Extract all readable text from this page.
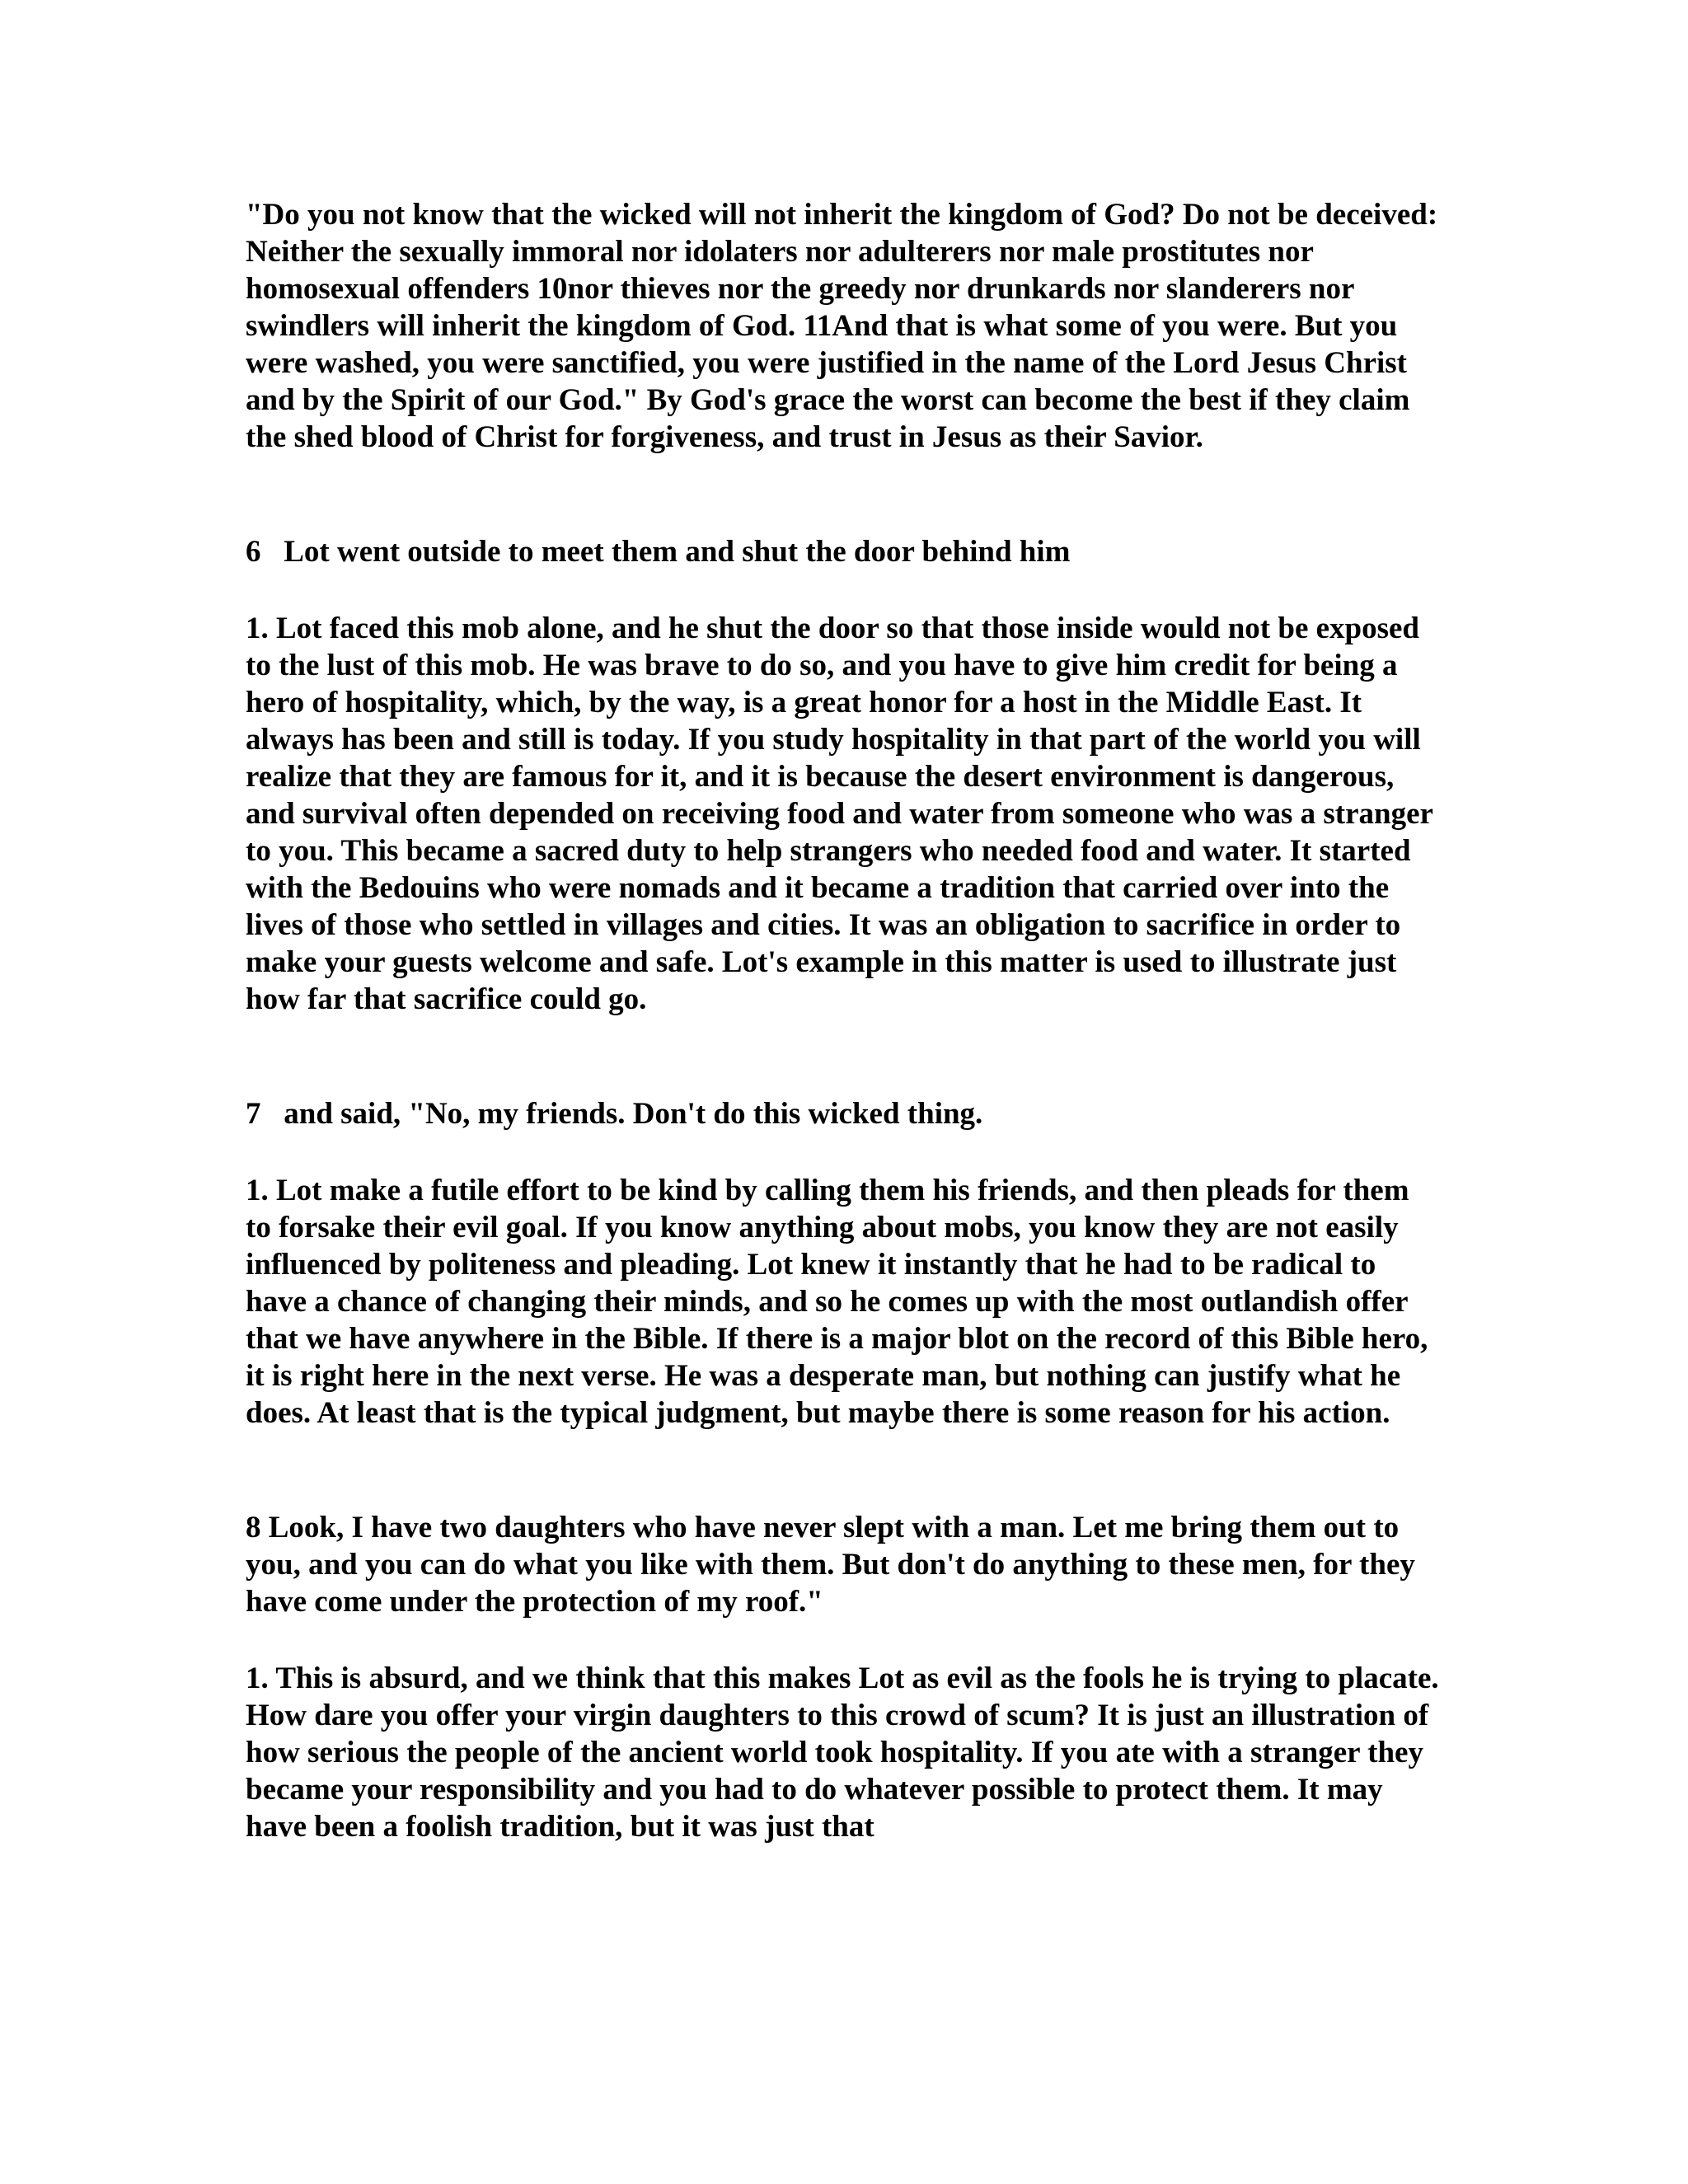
"Do you not know that the wicked will not inherit the kingdom of God? Do not be deceived: Neither the sexually immoral nor idolaters nor adulterers nor male prostitutes nor homosexual offenders 10nor thieves nor the greedy nor drunkards nor slanderers nor swindlers will inherit the kingdom of God. 11And that is what some of you were. But you were washed, you were sanctified, you were justified in the name of the Lord Jesus Christ and by the Spirit of our God." By God's grace the worst can become the best if they claim the shed blood of Christ for forgiveness, and trust in Jesus as their Savior.

6   Lot went outside to meet them and shut the door behind him

1. Lot faced this mob alone, and he shut the door so that those inside would not be exposed to the lust of this mob. He was brave to do so, and you have to give him credit for being a hero of hospitality, which, by the way, is a great honor for a host in the Middle East. It always has been and still is today. If you study hospitality in that part of the world you will realize that they are famous for it, and it is because the desert environment is dangerous, and survival often depended on receiving food and water from someone who was a stranger to you. This became a sacred duty to help strangers who needed food and water. It started with the Bedouins who were nomads and it became a tradition that carried over into the lives of those who settled in villages and cities. It was an obligation to sacrifice in order to make your guests welcome and safe. Lot's example in this matter is used to illustrate just how far that sacrifice could go.

7   and said, "No, my friends. Don't do this wicked thing.

1. Lot make a futile effort to be kind by calling them his friends, and then pleads for them to forsake their evil goal. If you know anything about mobs, you know they are not easily influenced by politeness and pleading. Lot knew it instantly that he had to be radical to have a chance of changing their minds, and so he comes up with the most outlandish offer that we have anywhere in the Bible. If there is a major blot on the record of this Bible hero, it is right here in the next verse. He was a desperate man, but nothing can justify what he does. At least that is the typical judgment, but maybe there is some reason for his action.

8 Look, I have two daughters who have never slept with a man. Let me bring them out to you, and you can do what you like with them. But don't do anything to these men, for they have come under the protection of my roof."

1. This is absurd, and we think that this makes Lot as evil as the fools he is trying to placate. How dare you offer your virgin daughters to this crowd of scum? It is just an illustration of how serious the people of the ancient world took hospitality. If you ate with a stranger they became your responsibility and you had to do whatever possible to protect them. It may have been a foolish tradition, but it was just that
